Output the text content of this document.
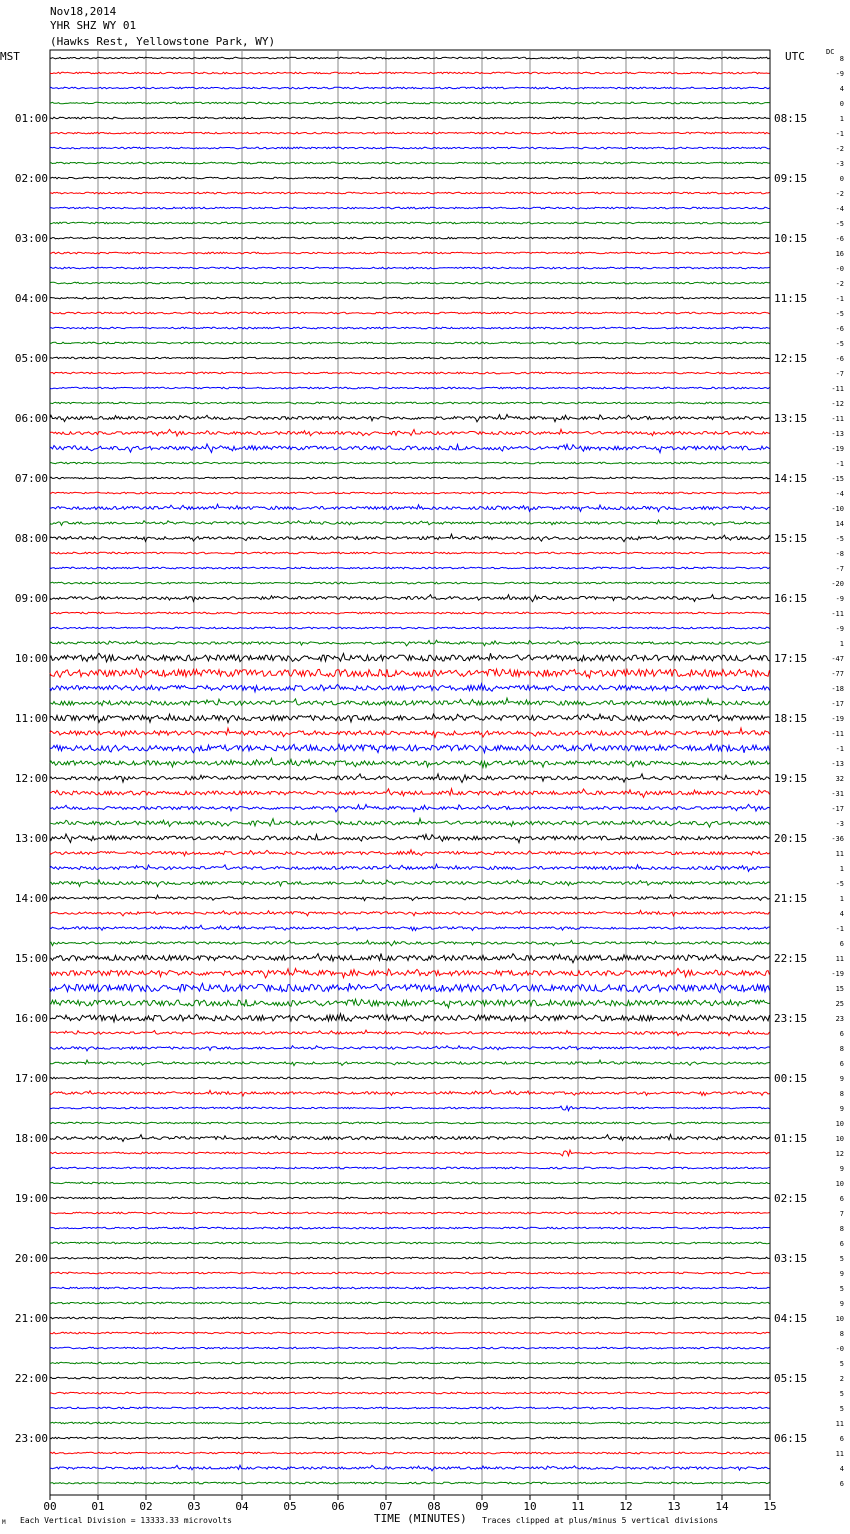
Nov18,2014
YHR SHZ WY 01
(Hawks Rest, Yellowstone Park, WY)
MST	UTC	DC
00	01	02	03	04	05	06	07	08	09	10	11	12	13	14	15
8
-9
4
0
1
-1
-2
-3
0
-2
-4
-5
-6
16
-0
-2
-1
-5
-6
-5
-6
-7
-11
-12
-11
-13
-19
-1
-15
-4
-10
14
-5
-8
-7
-20
-9
-11
-9
1
-47
-77
-18
-17
-19
-11
-1
-13
32
-31
-17
-3
-36
11
1
-5
1
4
-1
6
11
-19
15
25
23
6
8
6
9
8
9
10
10
12
9
10
6
7
8
6
5
9
5
9
10
8
-0
5
2
5
5
11
6
11
4
6
01:00
02:00
03:00
04:00
05:00
06:00
07:00
08:00
09:00
10:00
11:00
12:00
13:00
14:00
15:00
16:00
17:00
18:00
19:00
20:00
21:00
22:00
23:00
08:15
09:15
10:15
11:15
12:15
13:15
14:15
15:15
16:15
17:15
18:15
19:15
20:15
21:15
22:15
23:15
00:15
01:15
02:15
03:15
04:15
05:15
06:15
M Each Vertical Division = 13333.33 microvolts	TIME (MINUTES) Traces clipped at plus/minus 5 vertical divisions
